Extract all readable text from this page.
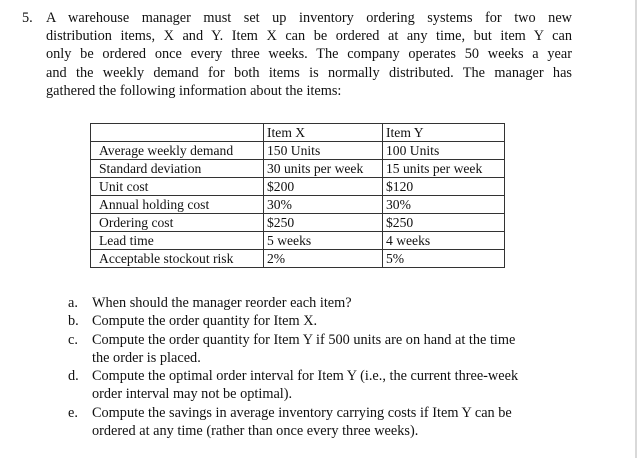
5. A warehouse manager must set up inventory ordering systems for two new
distribution items, X and Y. Item X can be ordered at any time, but item Y can
only be ordered once every three weeks. The company operates 50 weeks a year
and the weekly demand for both items is normally distributed. The manager has
gathered the following information about the items:
	Item X	Item Y
Average weekly demand	150 Units	100 Units
Standard deviation	30 units per week	15 units per week
Unit cost	$200	$120
Annual holding cost	30%	30%
Ordering cost	$250	$250
Lead time	5 weeks	4 weeks
Acceptable stockout risk	2%	5%
a. When should the manager reorder each item?
b. Compute the order quantity for Item X.
c. Compute the order quantity for Item Y if 500 units are on hand at the time
the order is placed.
d. Compute the optimal order interval for Item Y (i.e., the current three-week
order interval may not be optimal).
e. Compute the savings in average inventory carrying costs if Item Y can be
ordered at any time (rather than once every three weeks).
